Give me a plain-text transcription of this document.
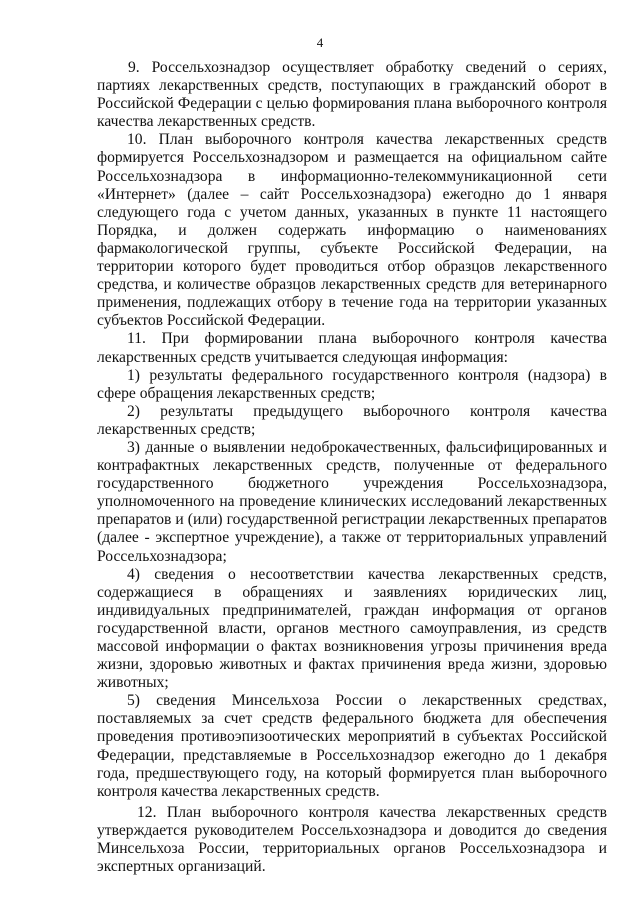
4

9. Россельхознадзор осуществляет обработку сведений о сериях, партиях лекарственных средств, поступающих в гражданский оборот в Российской Федерации с целью формирования плана выборочного контроля качества лекарственных средств.

10. План выборочного контроля качества лекарственных средств формируется Россельхознадзором и размещается на официальном сайте Россельхознадзора в информационно-телекоммуникационной сети «Интернет» (далее – сайт Россельхознадзора) ежегодно до 1 января следующего года с учетом данных, указанных в пункте 11 настоящего Порядка, и должен содержать информацию о наименованиях фармакологической группы, субъекте Российской Федерации, на территории которого будет проводиться отбор образцов лекарственного средства, и количестве образцов лекарственных средств для ветеринарного применения, подлежащих отбору в течение года на территории указанных субъектов Российской Федерации.

11. При формировании плана выборочного контроля качества лекарственных средств учитывается следующая информация:

1) результаты федерального государственного контроля (надзора) в сфере обращения лекарственных средств;

2) результаты предыдущего выборочного контроля качества лекарственных средств;

3) данные о выявлении недоброкачественных, фальсифицированных и контрафактных лекарственных средств, полученные от федерального государственного бюджетного учреждения Россельхознадзора, уполномоченного на проведение клинических исследований лекарственных препаратов и (или) государственной регистрации лекарственных препаратов (далее - экспертное учреждение), а также от территориальных управлений Россельхознадзора;

4) сведения о несоответствии качества лекарственных средств, содержащиеся в обращениях и заявлениях юридических лиц, индивидуальных предпринимателей, граждан информация от органов государственной власти, органов местного самоуправления, из средств массовой информации о фактах возникновения угрозы причинения вреда жизни, здоровью животных и фактах причинения вреда жизни, здоровью животных;

5) сведения Минсельхоза России о лекарственных средствах, поставляемых за счет средств федерального бюджета для обеспечения проведения противоэпизоотических мероприятий в субъектах Российской Федерации, представляемые в Россельхознадзор ежегодно до 1 декабря года, предшествующего году, на который формируется план выборочного контроля качества лекарственных средств.

12. План выборочного контроля качества лекарственных средств утверждается руководителем Россельхознадзора и доводится до сведения Минсельхоза России, территориальных органов Россельхознадзора и экспертных организаций.
